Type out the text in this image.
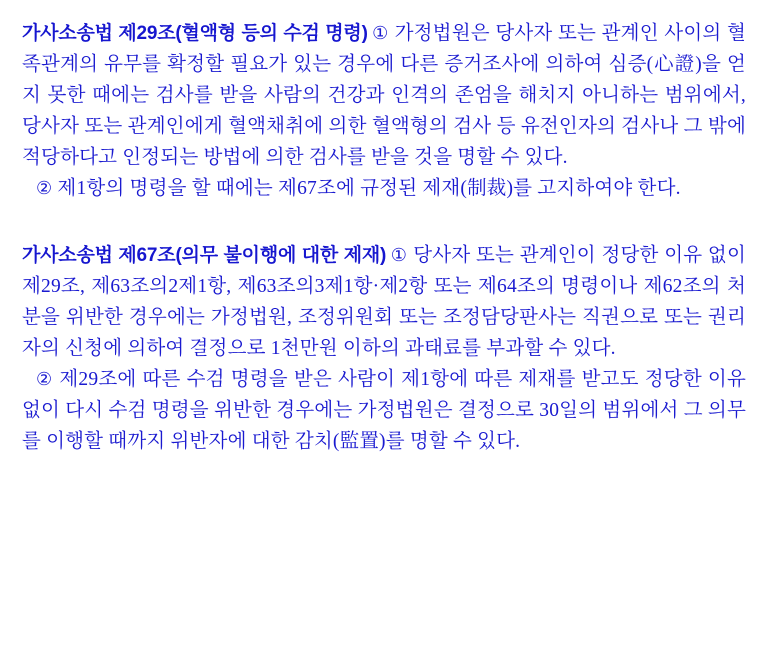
가사소송법 제29조(혈액형 등의 수검 명령) ① 가정법원은 당사자 또는 관계인 사이의 혈족관계의 유무를 확정할 필요가 있는 경우에 다른 증거조사에 의하여 심증(心證)을 얻지 못한 때에는 검사를 받을 사람의 건강과 인격의 존엄을 해치지 아니하는 범위에서, 당사자 또는 관계인에게 혈액채취에 의한 혈액형의 검사 등 유전인자의 검사나 그 밖에 적당하다고 인정되는 방법에 의한 검사를 받을 것을 명할 수 있다.

② 제1항의 명령을 할 때에는 제67조에 규정된 제재(制裁)를 고지하여야 한다.

가사소송법 제67조(의무 불이행에 대한 제재) ① 당사자 또는 관계인이 정당한 이유 없이 제29조, 제63조의2제1항, 제63조의3제1항·제2항 또는 제64조의 명령이나 제62조의 처분을 위반한 경우에는 가정법원, 조정위원회 또는 조정담당판사는 직권으로 또는 권리자의 신청에 의하여 결정으로 1천만원 이하의 과태료를 부과할 수 있다.

② 제29조에 따른 수검 명령을 받은 사람이 제1항에 따른 제재를 받고도 정당한 이유 없이 다시 수검 명령을 위반한 경우에는 가정법원은 결정으로 30일의 범위에서 그 의무를 이행할 때까지 위반자에 대한 감치(監置)를 명할 수 있다.
